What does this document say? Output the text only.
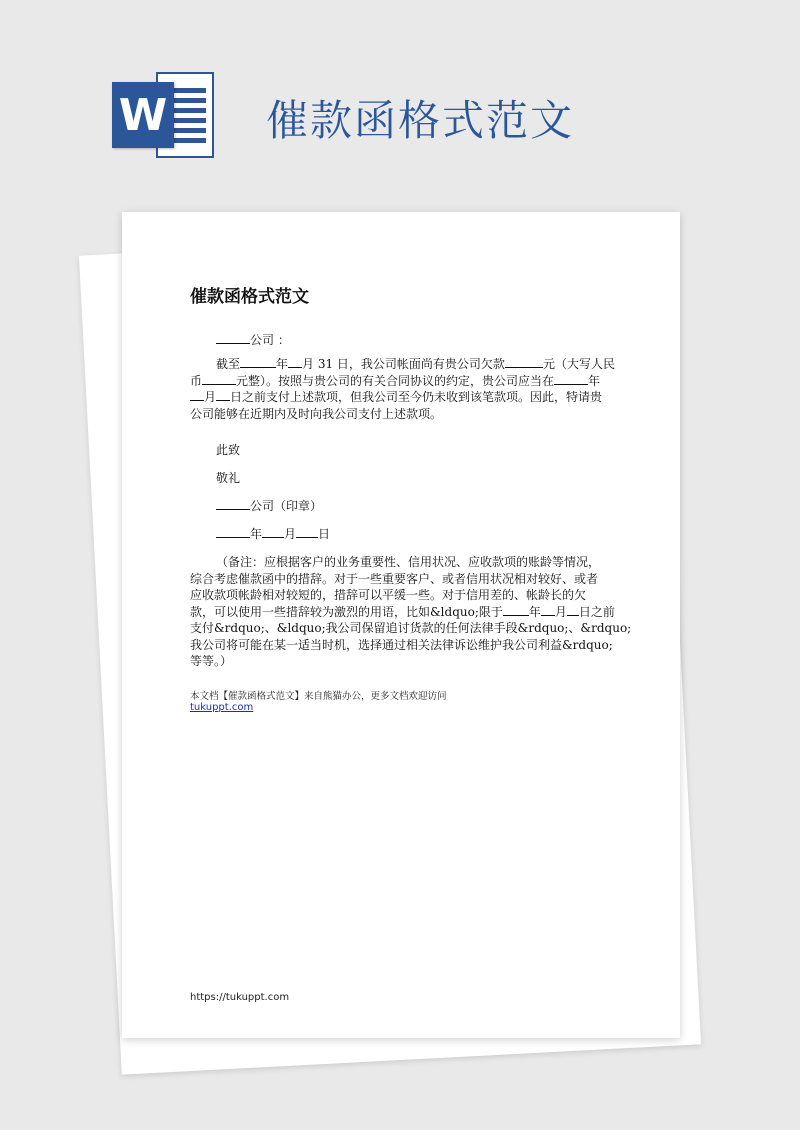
W 催款函格式范文
催款函格式范文
公司 ：
截至	年 月 31 日，我公司帐面尚有贵公司欠款	元（大写人民
币	元整）。按照与贵公司的有关合同协议的约定，贵公司应当在	年
月 日之前支付上述款项，但我公司至今仍未收到该笔款项。因此，特请贵
公司能够在近期内及时向我公司支付上述款项。
此致
敬礼
公司（印章）
年 月 日
（备注：应根据客户的业务重要性、信用状况、应收款项的账龄等情况，
综合考虑催款函中的措辞。对于一些重要客户、或者信用状况相对较好、或者
应收款项帐龄相对较短的，措辞可以平缓一些。对于信用差的、帐龄长的欠
款，可以使用一些措辞较为激烈的用语，比如&ldquo;限于 年 月 日之前
支付&rdquo;、&ldquo;我公司保留追讨货款的任何法律手段&rdquo;、&rdquo;
我公司将可能在某一适当时机，选择通过相关法律诉讼维护我公司利益&rdquo;
等等。）
本文档【催款函格式范文】来自熊猫办公，更多文档欢迎访问
tukuppt.com
https://tukuppt.com
